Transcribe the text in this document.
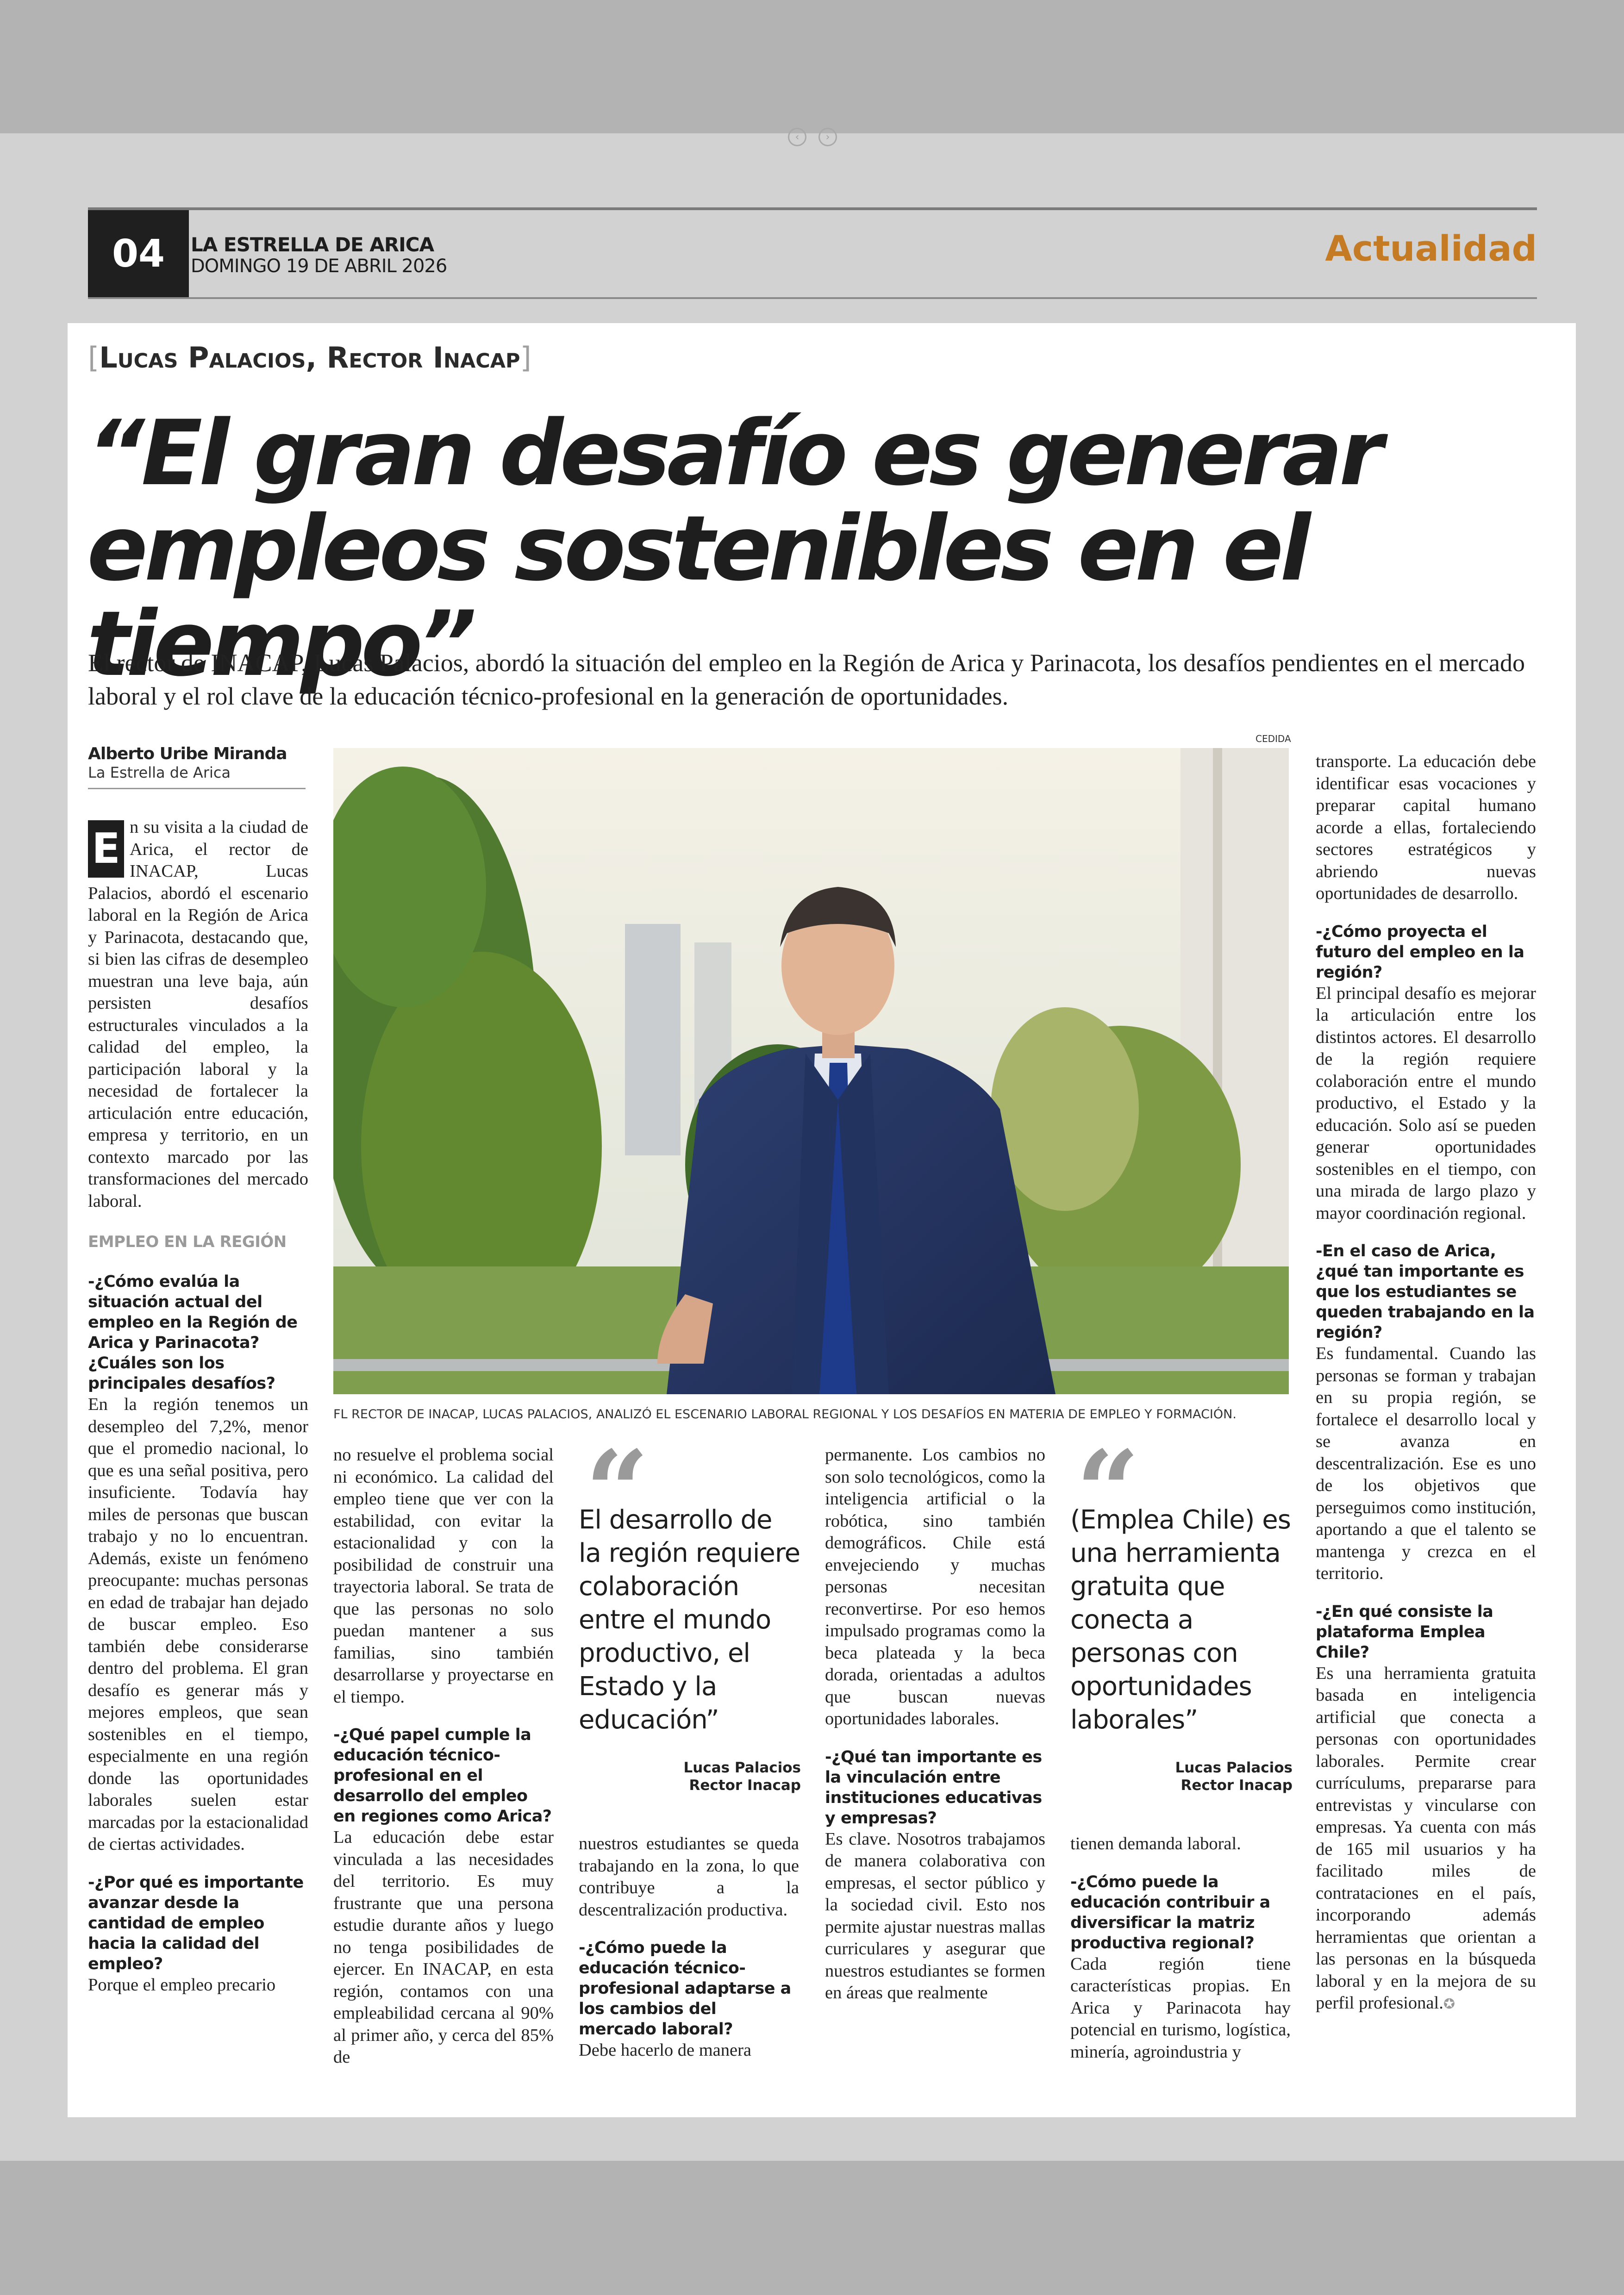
‹	›
04	LA ESTRELLA DE ARICA
DOMINGO 19 DE ABRIL 2026	Actualidad
[Lucas Palacios, Rector Inacap]
“El gran desafío es generar
empleos sostenibles en el tiempo”

El rector de INACAP, Lucas Palacios, abordó la situación del empleo en la Región de Arica y Parinacota, los desafíos pendientes en el mercado laboral y el rol clave de la educación técnico-profesional en la generación de oportunidades.

Alberto Uribe Miranda
La Estrella de Arica
CEDIDA
FL RECTOR DE INACAP, LUCAS PALACIOS, ANALIZÓ EL ESCENARIO LABORAL REGIONAL Y LOS DESAFÍOS EN MATERIA DE EMPLEO Y FORMACIÓN.

E n su visita a la ciudad de Arica, el rector de INACAP, Lucas Palacios, abordó el escenario laboral en la Región de Arica y Parinacota, destacando que, si bien las cifras de desempleo muestran una leve baja, aún persisten desafíos estructurales vinculados a la calidad del empleo, la participación laboral y la necesidad de fortalecer la articulación entre educación, empresa y territorio, en un contexto marcado por las transformaciones del mercado laboral.

EMPLEO EN LA REGIÓN

-¿Cómo evalúa la situación actual del empleo en la Región de Arica y Parinacota? ¿Cuáles son los principales desafíos?

En la región tenemos un desempleo del 7,2%, menor que el promedio nacional, lo que es una señal positiva, pero insuficiente. Todavía hay miles de personas que buscan trabajo y no lo encuentran. Además, existe un fenómeno preocupante: muchas personas en edad de trabajar han dejado de buscar empleo. Eso también debe considerarse dentro del problema. El gran desafío es generar más y mejores empleos, que sean sostenibles en el tiempo, especialmente en una región donde las oportunidades laborales suelen estar marcadas por la estacionalidad de ciertas actividades.

-¿Por qué es importante avanzar desde la cantidad de empleo hacia la calidad del empleo?

Porque el empleo precario

no resuelve el problema social ni económico. La calidad del empleo tiene que ver con la estabilidad, con evitar la estacionalidad y con la posibilidad de construir una trayectoria laboral. Se trata de que las personas no solo puedan mantener a sus familias, sino también desarrollarse y proyectarse en el tiempo.

-¿Qué papel cumple la educación técnico-profesional en el desarrollo del empleo en regiones como Arica?

La educación debe estar vinculada a las necesidades del territorio. Es muy frustrante que una persona estudie durante años y luego no tenga posibilidades de ejercer. En INACAP, en esta región, contamos con una empleabilidad cercana al 90% al primer año, y cerca del 85% de

“

El desarrollo de la región requiere colaboración entre el mundo productivo, el Estado y la educación”

Lucas Palacios
Rector Inacap

nuestros estudiantes se queda trabajando en la zona, lo que contribuye a la descentralización productiva.

-¿Cómo puede la educación técnico-profesional adaptarse a los cambios del mercado laboral?

Debe hacerlo de manera

permanente. Los cambios no son solo tecnológicos, como la inteligencia artificial o la robótica, sino también demográficos. Chile está envejeciendo y muchas personas necesitan reconvertirse. Por eso hemos impulsado programas como la beca plateada y la beca dorada, orientadas a adultos que buscan nuevas oportunidades laborales.

-¿Qué tan importante es la vinculación entre instituciones educativas y empresas?

Es clave. Nosotros trabajamos de manera colaborativa con empresas, el sector público y la sociedad civil. Esto nos permite ajustar nuestras mallas curriculares y asegurar que nuestros estudiantes se formen en áreas que realmente

“

(Emplea Chile) es una herramienta gratuita que conecta a personas con oportunidades laborales”

Lucas Palacios
Rector Inacap

tienen demanda laboral.

-¿Cómo puede la educación contribuir a diversificar la matriz productiva regional?

Cada región tiene características propias. En Arica y Parinacota hay potencial en turismo, logística, minería, agroindustria y

transporte. La educación debe identificar esas vocaciones y preparar capital humano acorde a ellas, fortaleciendo sectores estratégicos y abriendo nuevas oportunidades de desarrollo.

-¿Cómo proyecta el futuro del empleo en la región?

El principal desafío es mejorar la articulación entre los distintos actores. El desarrollo de la región requiere colaboración entre el mundo productivo, el Estado y la educación. Solo así se pueden generar oportunidades sostenibles en el tiempo, con una mirada de largo plazo y mayor coordinación regional.

-En el caso de Arica, ¿qué tan importante es que los estudiantes se queden trabajando en la región?

Es fundamental. Cuando las personas se forman y trabajan en su propia región, se fortalece el desarrollo local y se avanza en descentralización. Ese es uno de los objetivos que perseguimos como institución, aportando a que el talento se mantenga y crezca en el territorio.

-¿En qué consiste la plataforma Emplea Chile?

Es una herramienta gratuita basada en inteligencia artificial que conecta a personas con oportunidades laborales. Permite crear currículums, prepararse para entrevistas y vincularse con empresas. Ya cuenta con más de 165 mil usuarios y ha facilitado miles de contrataciones en el país, incorporando además herramientas que orientan a las personas en la búsqueda laboral y en la mejora de su perfil profesional.✪
